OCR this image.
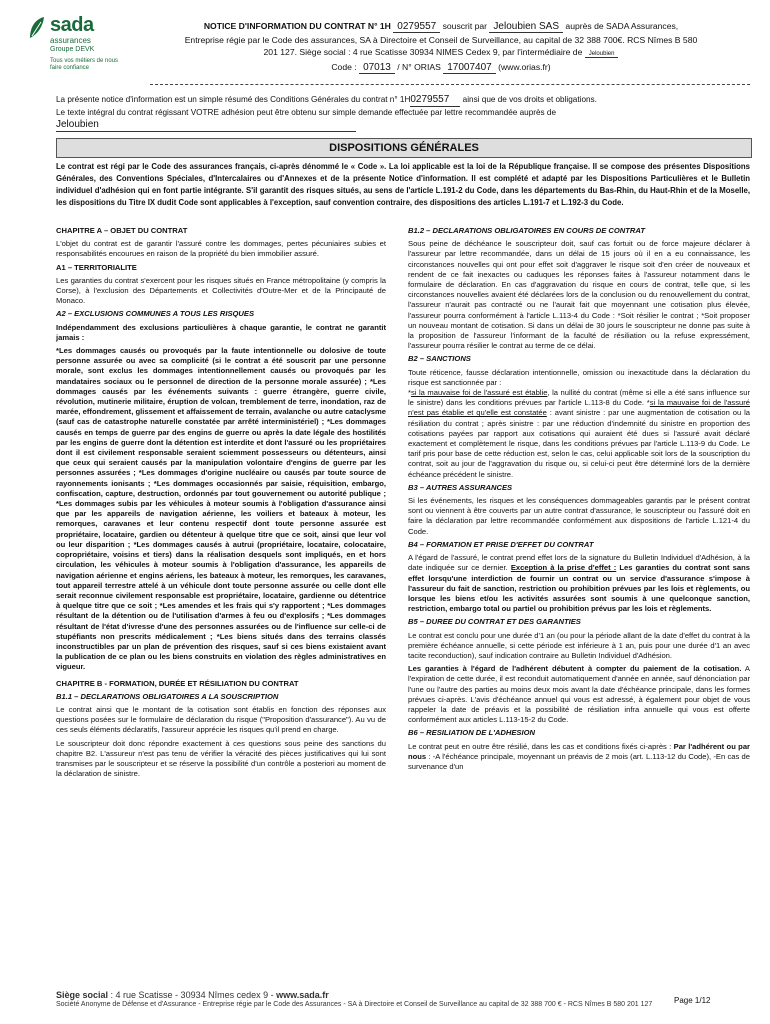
sada
assurances
Groupe DEVK
Tous vos métiers de nous faire confiance
NOTICE D'INFORMATION DU CONTRAT N° 1H 0279557 souscrit par Jeloubien SAS auprès de SADA Assurances,
Entreprise régie par le Code des assurances, SA à Directoire et Conseil de Surveillance, au capital de 32 388 700€. RCS Nîmes B 580
201 127. Siège social : 4 rue Scatisse 30934 NIMES Cedex 9, par l'intermédiaire de Jeloubien
Code : 07013 / N° ORIAS 17007407 (www.orias.fr)
La présente notice d'information est un simple résumé des Conditions Générales du contrat n° 1H0279557 ainsi que de vos droits et obligations.
Le texte intégral du contrat régissant VOTRE adhésion peut être obtenu sur simple demande effectuée par lettre recommandée auprès de
Jeloubien
DISPOSITIONS GÉNÉRALES
Le contrat est régi par le Code des assurances français, ci-après dénommé le « Code ». La loi applicable est la loi de la République française. Il se compose des présentes Dispositions Générales, des Conventions Spéciales, d'Intercalaires ou d'Annexes et de la présente Notice d'information. Il est complété et adapté par les Dispositions Particulières et le Bulletin individuel d'adhésion qui en font partie intégrante. S'il garantit des risques situés, au sens de l'article L.191-2 du Code, dans les départements du Bas-Rhin, du Haut-Rhin et de la Moselle, les dispositions du Titre IX dudit Code sont applicables à l'exception, sauf convention contraire, des dispositions des articles L.191-7 et L.192-3 du Code.

CHAPITRE A – OBJET DU CONTRAT

L'objet du contrat est de garantir l'assuré contre les dommages, pertes pécuniaires subies et responsabilités encourues en raison de la propriété du bien immobilier assuré.

A1 – TERRITORIALITE

Les garanties du contrat s'exercent pour les risques situés en France métropolitaine (y compris la Corse), à l'exclusion des Départements et Collectivités d'Outre-Mer et de la Principauté de Monaco.

A2 – EXCLUSIONS COMMUNES A TOUS LES RISQUES

Indépendamment des exclusions particulières à chaque garantie, le contrat ne garantit jamais :

*Les dommages causés ou provoqués par la faute intentionnelle ou dolosive de toute personne assurée ou avec sa complicité (si le contrat a été souscrit par une personne morale, sont exclus les dommages intentionnellement causés ou provoqués par les mandataires sociaux ou le personnel de direction de la personne morale assurée) ; *Les dommages causés par les événements suivants : guerre étrangère, guerre civile, révolution, mutinerie militaire, éruption de volcan, tremblement de terre, inondation, raz de marée, effondrement, glissement et affaissement de terrain, avalanche ou autre cataclysme (sauf cas de catastrophe naturelle constatée par arrêté interministériel) ; *Les dommages causés en temps de guerre par des engins de guerre ou après la date légale des hostilités par les engins de guerre dont la détention est interdite et dont l'assuré ou les propriétaires dont il est civilement responsable seraient sciemment possesseurs ou détenteurs, ainsi que ceux qui seraient causés par la manipulation volontaire d'engins de guerre par les personnes assurées ; *Les dommages d'origine nucléaire ou causés par toute source de rayonnements ionisants ; *Les dommages occasionnés par saisie, réquisition, embargo, confiscation, capture, destruction, ordonnés par tout gouvernement ou autorité publique ; *Les dommages subis par les véhicules à moteur soumis à l'obligation d'assurance ainsi que par les appareils de navigation aérienne, les voiliers et bateaux à moteur, les remorques, caravanes et leur contenu respectif dont toute personne assurée est propriétaire, locataire, gardien ou détenteur à quelque titre que ce soit, ainsi que leur vol ou leur disparition ; *Les dommages causés à autrui (propriétaire, locataire, colocataire, copropriétaire, voisins et tiers) dans la réalisation desquels sont impliqués, en et hors circulation, les véhicules à moteur soumis à l'obligation d'assurance, les appareils de navigation aérienne et engins aériens, les bateaux à moteur, les remorques, les caravanes, tout appareil terrestre attelé à un véhicule dont toute personne assurée ou celle dont elle serait reconnue civilement responsable est propriétaire, locataire, gardienne ou détentrice à quelque titre que ce soit ; *Les amendes et les frais qui s'y rapportent ; *Les dommages résultant de la détention ou de l'utilisation d'armes à feu ou d'explosifs ; *Les dommages résultant de l'état d'ivresse d'une des personnes assurées ou de l'influence sur celle-ci de stupéfiants non prescrits médicalement ; *Les biens situés dans des terrains classés inconstructibles par un plan de prévention des risques, sauf si ces biens existaient avant la publication de ce plan ou les biens construits en violation des règles administratives en vigueur.

CHAPITRE B - FORMATION, DURÉE ET RÉSILIATION DU CONTRAT

B1.1 – DECLARATIONS OBLIGATOIRES A LA SOUSCRIPTION

Le contrat ainsi que le montant de la cotisation sont établis en fonction des réponses aux questions posées sur le formulaire de déclaration du risque ("Proposition d'assurance"). Au vu de ces seuls éléments déclaratifs, l'assureur apprécie les risques qu'il prend en charge.

Le souscripteur doit donc répondre exactement à ces questions sous peine des sanctions du chapitre B2. L'assureur n'est pas tenu de vérifier la véracité des pièces justificatives qui lui sont transmises par le souscripteur et se réserve la possibilité d'un contrôle a posteriori au moment de la déclaration de sinistre.

B1.2 – DECLARATIONS OBLIGATOIRES EN COURS DE CONTRAT

Sous peine de déchéance le souscripteur doit, sauf cas fortuit ou de force majeure déclarer à l'assureur par lettre recommandée, dans un délai de 15 jours où il en a eu connaissance, les circonstances nouvelles qui ont pour effet soit d'aggraver le risque soit d'en créer de nouveaux et rendent de ce fait inexactes ou caduques les réponses faites à l'assureur notamment dans le formulaire de déclaration. En cas d'aggravation du risque en cours de contrat, telle que, si les circonstances nouvelles avaient été déclarées lors de la conclusion ou du renouvellement du contrat, l'assureur n'aurait pas contracté ou ne l'aurait fait que moyennant une cotisation plus élevée, l'assureur pourra conformément à l'article L.113-4 du Code : *Soit résilier le contrat ; *Soit proposer un nouveau montant de cotisation. Si dans un délai de 30 jours le souscripteur ne donne pas suite à la proposition de l'assureur l'informant de la faculté de résiliation ou la refuse expressément, l'assureur pourra résilier le contrat au terme de ce délai.

B2 – SANCTIONS

Toute réticence, fausse déclaration intentionnelle, omission ou inexactitude dans la déclaration du risque est sanctionnée par :
*si la mauvaise foi de l'assuré est établie, la nullité du contrat (même si elle a été sans influence sur le sinistre) dans les conditions prévues par l'article L.113-8 du Code. *si la mauvaise foi de l'assuré n'est pas établie et qu'elle est constatée : avant sinistre : par une augmentation de cotisation ou la résiliation du contrat ; après sinistre : par une réduction d'indemnité du sinistre en proportion des cotisations payées par rapport aux cotisations qui auraient été dues si l'assuré avait déclaré exactement et complètement le risque, dans les conditions prévues par l'article L.113-9 du Code. Le tarif pris pour base de cette réduction est, selon le cas, celui applicable soit lors de la souscription du contrat, soit au jour de l'aggravation du risque ou, si celui-ci peut être déterminé lors de la dernière échéance précédent le sinistre.

B3 – AUTRES ASSURANCES

Si les événements, les risques et les conséquences dommageables garantis par le présent contrat sont ou viennent à être couverts par un autre contrat d'assurance, le souscripteur ou l'assuré doit en faire la déclaration par lettre recommandée conformément aux dispositions de l'article L.121-4 du Code.

B4 – FORMATION ET PRISE D'EFFET DU CONTRAT

A l'égard de l'assuré, le contrat prend effet lors de la signature du Bulletin Individuel d'Adhésion, à la date indiquée sur ce dernier. Exception à la prise d'effet : Les garanties du contrat sont sans effet lorsqu'une interdiction de fournir un contrat ou un service d'assurance s'impose à l'assureur du fait de sanction, restriction ou prohibition prévues par les lois et règlements, ou lorsque les biens et/ou les activités assurées sont soumis à une quelconque sanction, restriction, embargo total ou partiel ou prohibition prévus par les lois et règlements.

B5 – DUREE DU CONTRAT ET DES GARANTIES

Le contrat est conclu pour une durée d'1 an (ou pour la période allant de la date d'effet du contrat à la première échéance annuelle, si cette période est inférieure à 1 an, puis pour une durée d'1 an avec tacite reconduction), sauf indication contraire au Bulletin Individuel d'Adhésion.

Les garanties à l'égard de l'adhérent débutent à compter du paiement de la cotisation. A l'expiration de cette durée, il est reconduit automatiquement d'année en année, sauf dénonciation par l'une ou l'autre des parties au moins deux mois avant la date d'échéance principale, dans les formes prévues ci-après. L'avis d'échéance annuel qui vous est adressé, à également pour objet de vous rappeler la date de préavis et la possibilité de résiliation infra annuelle qui vous est offerte conformément aux articles L.113-15-2 du Code.

B6 – RESILIATION DE L'ADHESION

Le contrat peut en outre être résilié, dans les cas et conditions fixés ci-après : Par l'adhérent ou par nous : -A l'échéance principale, moyennant un préavis de 2 mois (art. L.113-12 du Code), -En cas de survenance d'un

Siège social : 4 rue Scatisse - 30934 Nîmes cedex 9 - www.sada.fr
Société Anonyme de Défense et d'Assurance - Entreprise régie par le Code des Assurances - SA à Directoire et Conseil de Surveillance au capital de 32 388 700 € - RCS Nîmes B 580 201 127	Page 1/12
